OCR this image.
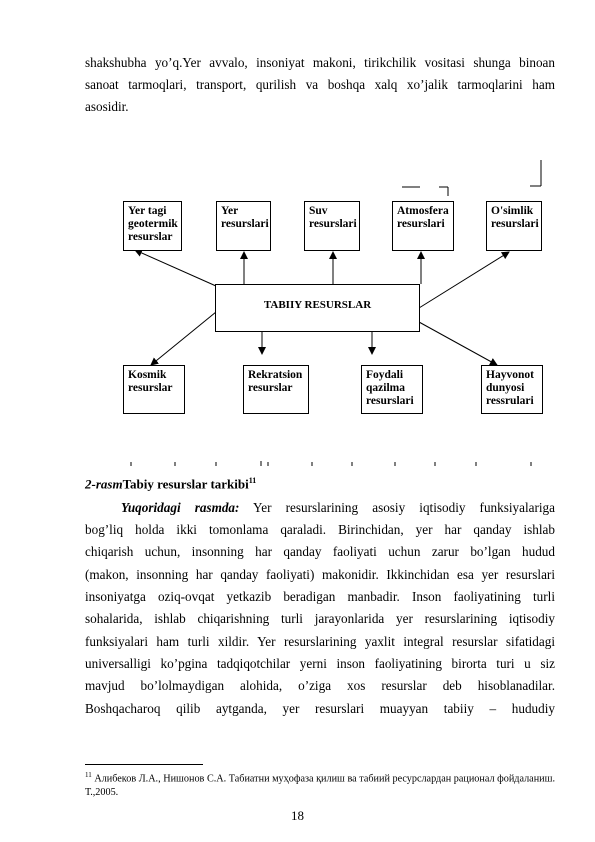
shakshubha yo’q.Yer avvalo, insoniyat makoni, tirikchilik vositasi shunga binoan
sanoat tarmoqlari, transport, qurilish va boshqa xalq xo’jalik tarmoqlarini ham
asosidir.
TABIIY RESURSLAR
Yer tagi
geotermik
resurslar
Yer
resurslari
Suv
resurslari
Atmosfera
resurslari
O'simlik
resurslari
Kosmik
resurslar
Rekratsion
resurslar
Foydali
qazilma
resurslari
Hayvonot
dunyosi
ressrulari
2-rasmTabiy resurslar tarkibi$^{11}$
Yuqoridagi rasmda: Yer resurslarining asosiy iqtisodiy funksiyalariga
bog’liq holda ikki tomonlama qaraladi. Birinchidan, yer har qanday ishlab
chiqarish uchun, insonning har qanday faoliyati uchun zarur bo’lgan hudud
(makon, insonning har qanday faoliyati) makonidir. Ikkinchidan esa yer resurslari
insoniyatga oziq-ovqat yetkazib beradigan manbadir. Inson faoliyatining turli
sohalarida, ishlab chiqarishning turli jarayonlarida yer resurslarining iqtisodiy
funksiyalari ham turli xildir. Yer resurslarining yaxlit integral resurslar sifatidagi
universalligi ko’pgina tadqiqotchilar yerni inson faoliyatining birorta turi u siz
mavjud bo’lolmaydigan alohida, o’ziga xos resurslar deb hisoblanadilar.
Boshqacharoq qilib aytganda, yer resurslari muayyan tabiiy – hududiy
$^{11}$ Алибеков Л.А., Нишонов С.А. Табиатни муҳофаза қилиш ва табиий ресурслардан рационал фойдаланиш. Т.,2005.
18
